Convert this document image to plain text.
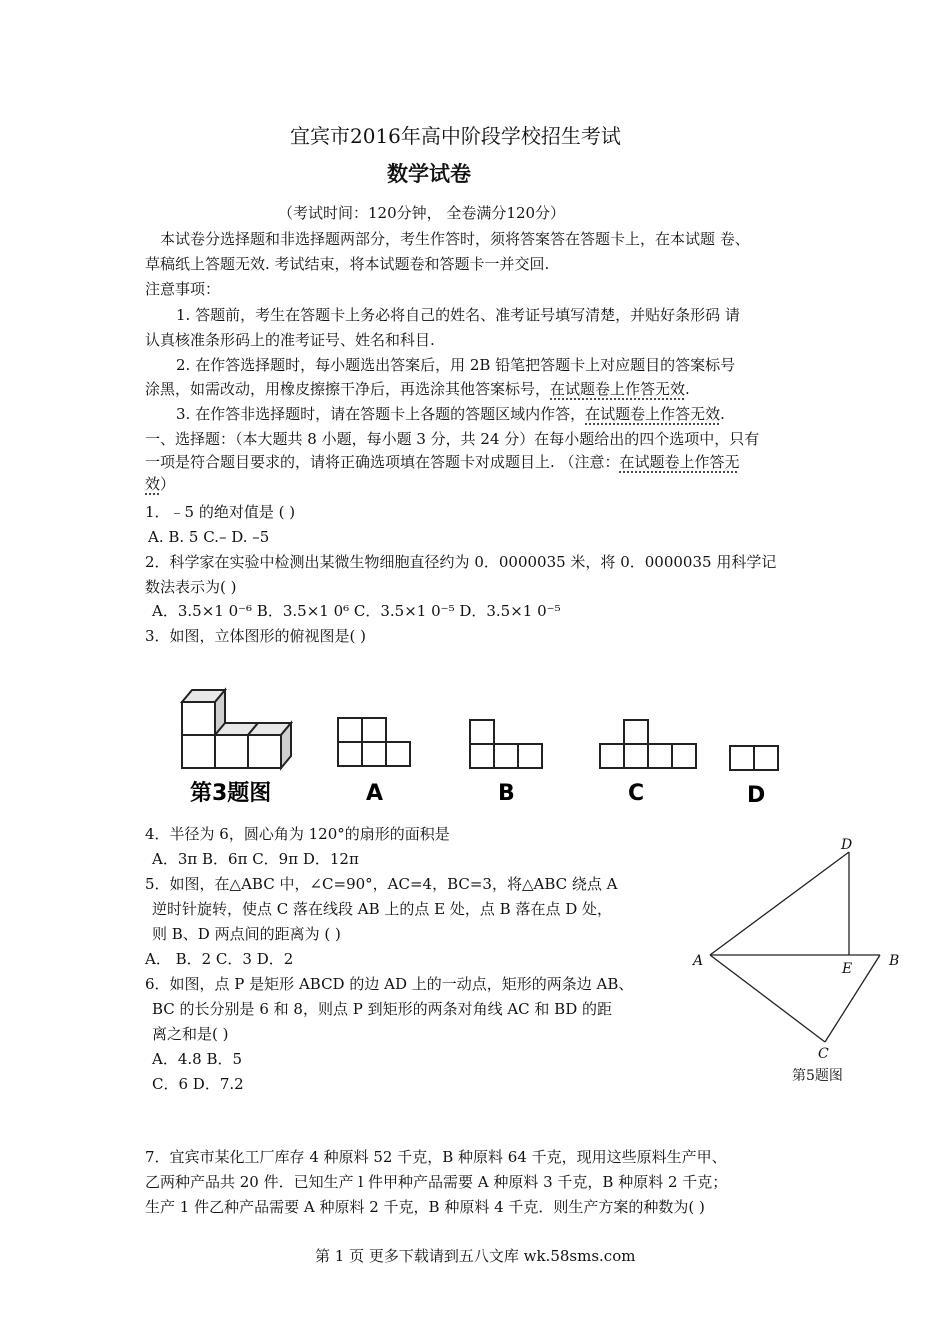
宜宾市2016年高中阶段学校招生考试
数学试卷
（考试时间：120分钟， 全卷满分120分）
本试卷分选择题和非选择题两部分，考生作答时，须将答案答在答题卡上，在本试题 卷、
草稿纸上答题无效. 考试结束，将本试题卷和答题卡一并交回.
注意事项：
1. 答题前，考生在答题卡上务必将自己的姓名、准考证号填写清楚，并贴好条形码 请
认真核准条形码上的准考证号、姓名和科目.
2. 在作答选择题时，每小题选出答案后，用 2B 铅笔把答题卡上对应题目的答案标号
涂黑，如需改动，用橡皮擦擦干净后，再选涂其他答案标号，在试题卷上作答无效.
3. 在作答非选择题时，请在答题卡上各题的答题区域内作答，在试题卷上作答无效.
一、选择题：（本大题共 8 小题，每小题 3 分，共 24 分）在每小题给出的四个选项中，只有
一项是符合题目要求的，请将正确选项填在答题卡对成题目上. （注意：在试题卷上作答无
效）
1．﹣5 的绝对值是 ( )
A. B. 5 C.– D. –5
2．科学家在实验中检测出某微生物细胞直径约为 0．0000035 米，将 0．0000035 用科学记
数法表示为( )
A．3.5×1 0⁻⁶ B．3.5×1 0⁶ C．3.5×1 0⁻⁵ D．3.5×1 0⁻⁵
3．如图，立体图形的俯视图是( )
第3题图	A	B	C	D
4．半径为 6，圆心角为 120°的扇形的面积是
A．3π B．6π C．9π D．12π
5．如图，在△ABC 中，∠C=90°，AC=4，BC=3，将△ABC 绕点 A
逆时针旋转，使点 C 落在线段 AB 上的点 E 处，点 B 落在点 D 处，
则 B、D 两点间的距离为 ( )
A． B．2 C．3 D．2
6．如图，点 P 是矩形 ABCD 的边 AD 上的一动点，矩形的两条边 AB、
BC 的长分别是 6 和 8，则点 P 到矩形的两条对角线 AC 和 BD 的距
离之和是( )
A．4.8 B．5
C．6 D．7.2
D
A	E	B
C
第5题图
7．宜宾市某化工厂库存 4 种原料 52 千克，B 种原料 64 千克，现用这些原料生产甲、
乙两种产品共 20 件．已知生产 l 件甲种产品需要 A 种原料 3 千克，B 种原料 2 千克；
生产 1 件乙种产品需要 A 种原料 2 千克，B 种原料 4 千克．则生产方案的种数为( )
第 1 页 更多下载请到五八文库 wk.58sms.com
